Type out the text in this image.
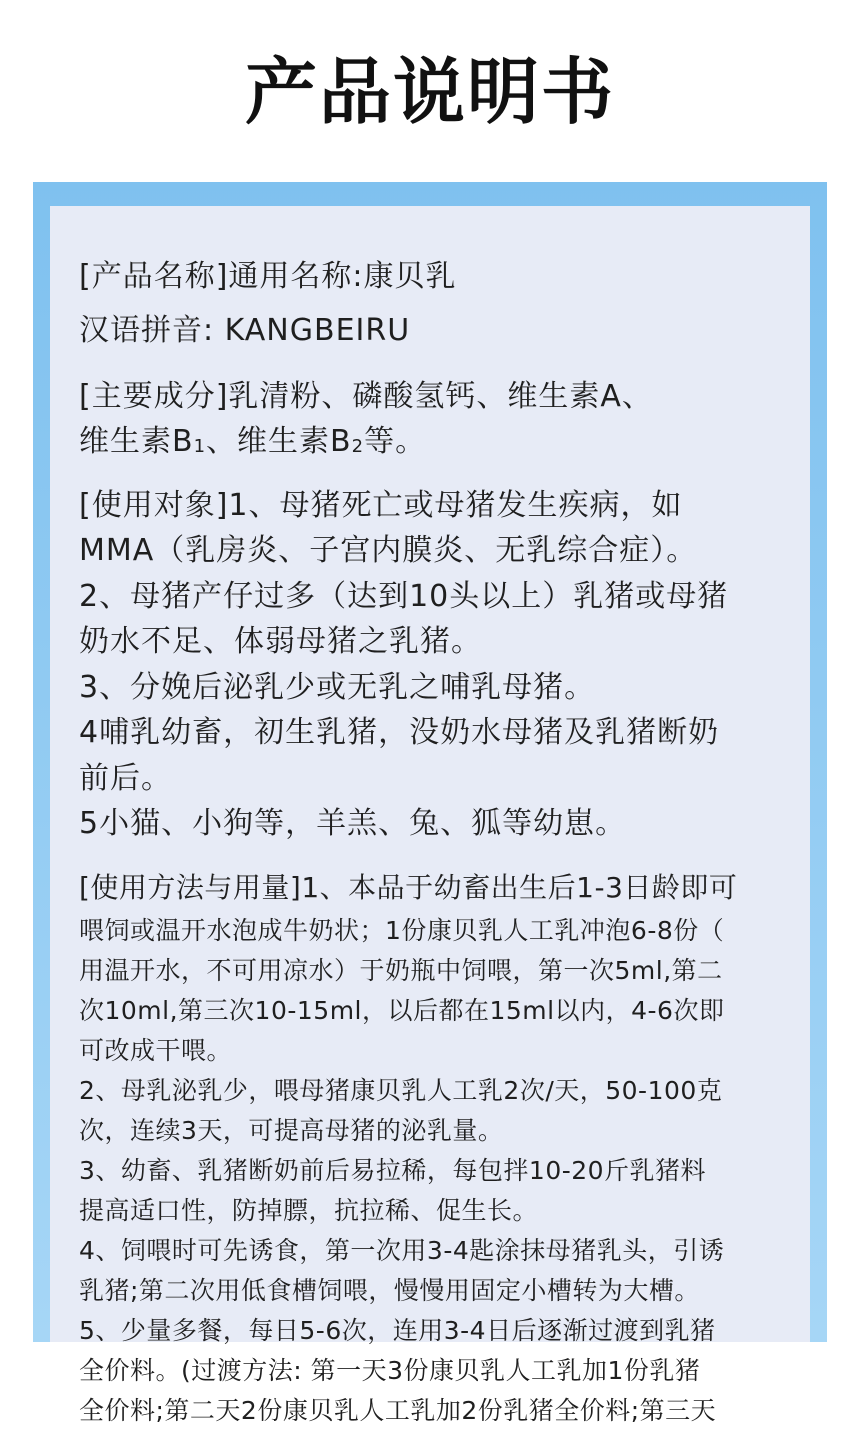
产品说明书

[产品名称]通用名称:康贝乳

汉语拼音: KANGBEIRU

[主要成分]乳清粉、磷酸氢钙、维生素A、

维生素B1、维生素B2等。

[使用对象]1、母猪死亡或母猪发生疾病，如

MMA（乳房炎、子宫内膜炎、无乳综合症）。

2、母猪产仔过多（达到10头以上）乳猪或母猪

奶水不足、体弱母猪之乳猪。

3、分娩后泌乳少或无乳之哺乳母猪。

4哺乳幼畜，初生乳猪，没奶水母猪及乳猪断奶

前后。

5小猫、小狗等，羊羔、兔、狐等幼崽。

[使用方法与用量]1、本品于幼畜出生后1-3日龄即可

喂饲或温开水泡成牛奶状；1份康贝乳人工乳冲泡6-8份（

用温开水，不可用凉水）于奶瓶中饲喂，第一次5ml,第二

次10ml,第三次10-15ml，以后都在15ml以内，4-6次即

可改成干喂。

2、母乳泌乳少，喂母猪康贝乳人工乳2次/天，50-100克

次，连续3天，可提高母猪的泌乳量。

3、幼畜、乳猪断奶前后易拉稀，每包拌10-20斤乳猪料

提高适口性，防掉膘，抗拉稀、促生长。

4、饲喂时可先诱食，第一次用3-4匙涂抹母猪乳头，引诱

乳猪;第二次用低食槽饲喂，慢慢用固定小槽转为大槽。

5、少量多餐，每日5-6次，连用3-4日后逐渐过渡到乳猪

全价料。(过渡方法: 第一天3份康贝乳人工乳加1份乳猪

全价料;第二天2份康贝乳人工乳加2份乳猪全价料;第三天
